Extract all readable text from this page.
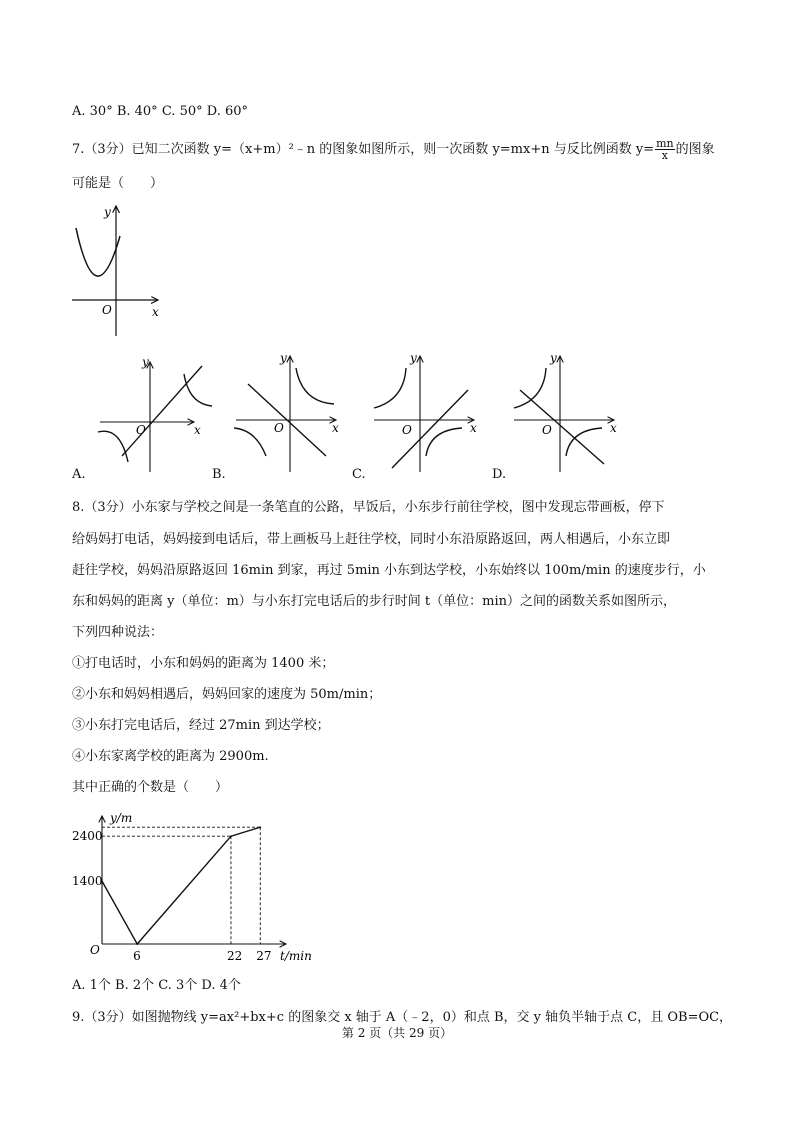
A. 30° B. 40° C. 50° D. 60°
7.（3分）已知二次函数 y=（x+m）²﹣n 的图象如图所示，则一次函数 y=mx+n 与反比例函数 $y= \frac{mn}{x}$ 的图象
可能是（　　）
y
x
O
y
x
O
A.
y
x
O
B.
y
x
O
C.
y
x
O
D.
8.（3分）小东家与学校之间是一条笔直的公路，早饭后，小东步行前往学校，图中发现忘带画板，停下
给妈妈打电话，妈妈接到电话后，带上画板马上赶往学校，同时小东沿原路返回，两人相遇后，小东立即
赶往学校，妈妈沿原路返回 16min 到家，再过 5min 小东到达学校，小东始终以 100m/min 的速度步行，小
东和妈妈的距离 y（单位：m）与小东打完电话后的步行时间 t（单位：min）之间的函数关系如图所示，
下列四种说法：
①打电话时，小东和妈妈的距离为 1400 米；
②小东和妈妈相遇后，妈妈回家的速度为 50m/min；
③小东打完电话后，经过 27min 到达学校；
④小东家离学校的距离为 2900m.
其中正确的个数是（　　）
6	22 27
1400
2400
y/m
t/min
O
A. 1个 B. 2个 C. 3个 D. 4个
9.（3分）如图抛物线 y=ax²+bx+c 的图象交 x 轴于 A（﹣2，0）和点 B，交 y 轴负半轴于点 C，且 OB=OC，
第 2 页（共 29 页）
